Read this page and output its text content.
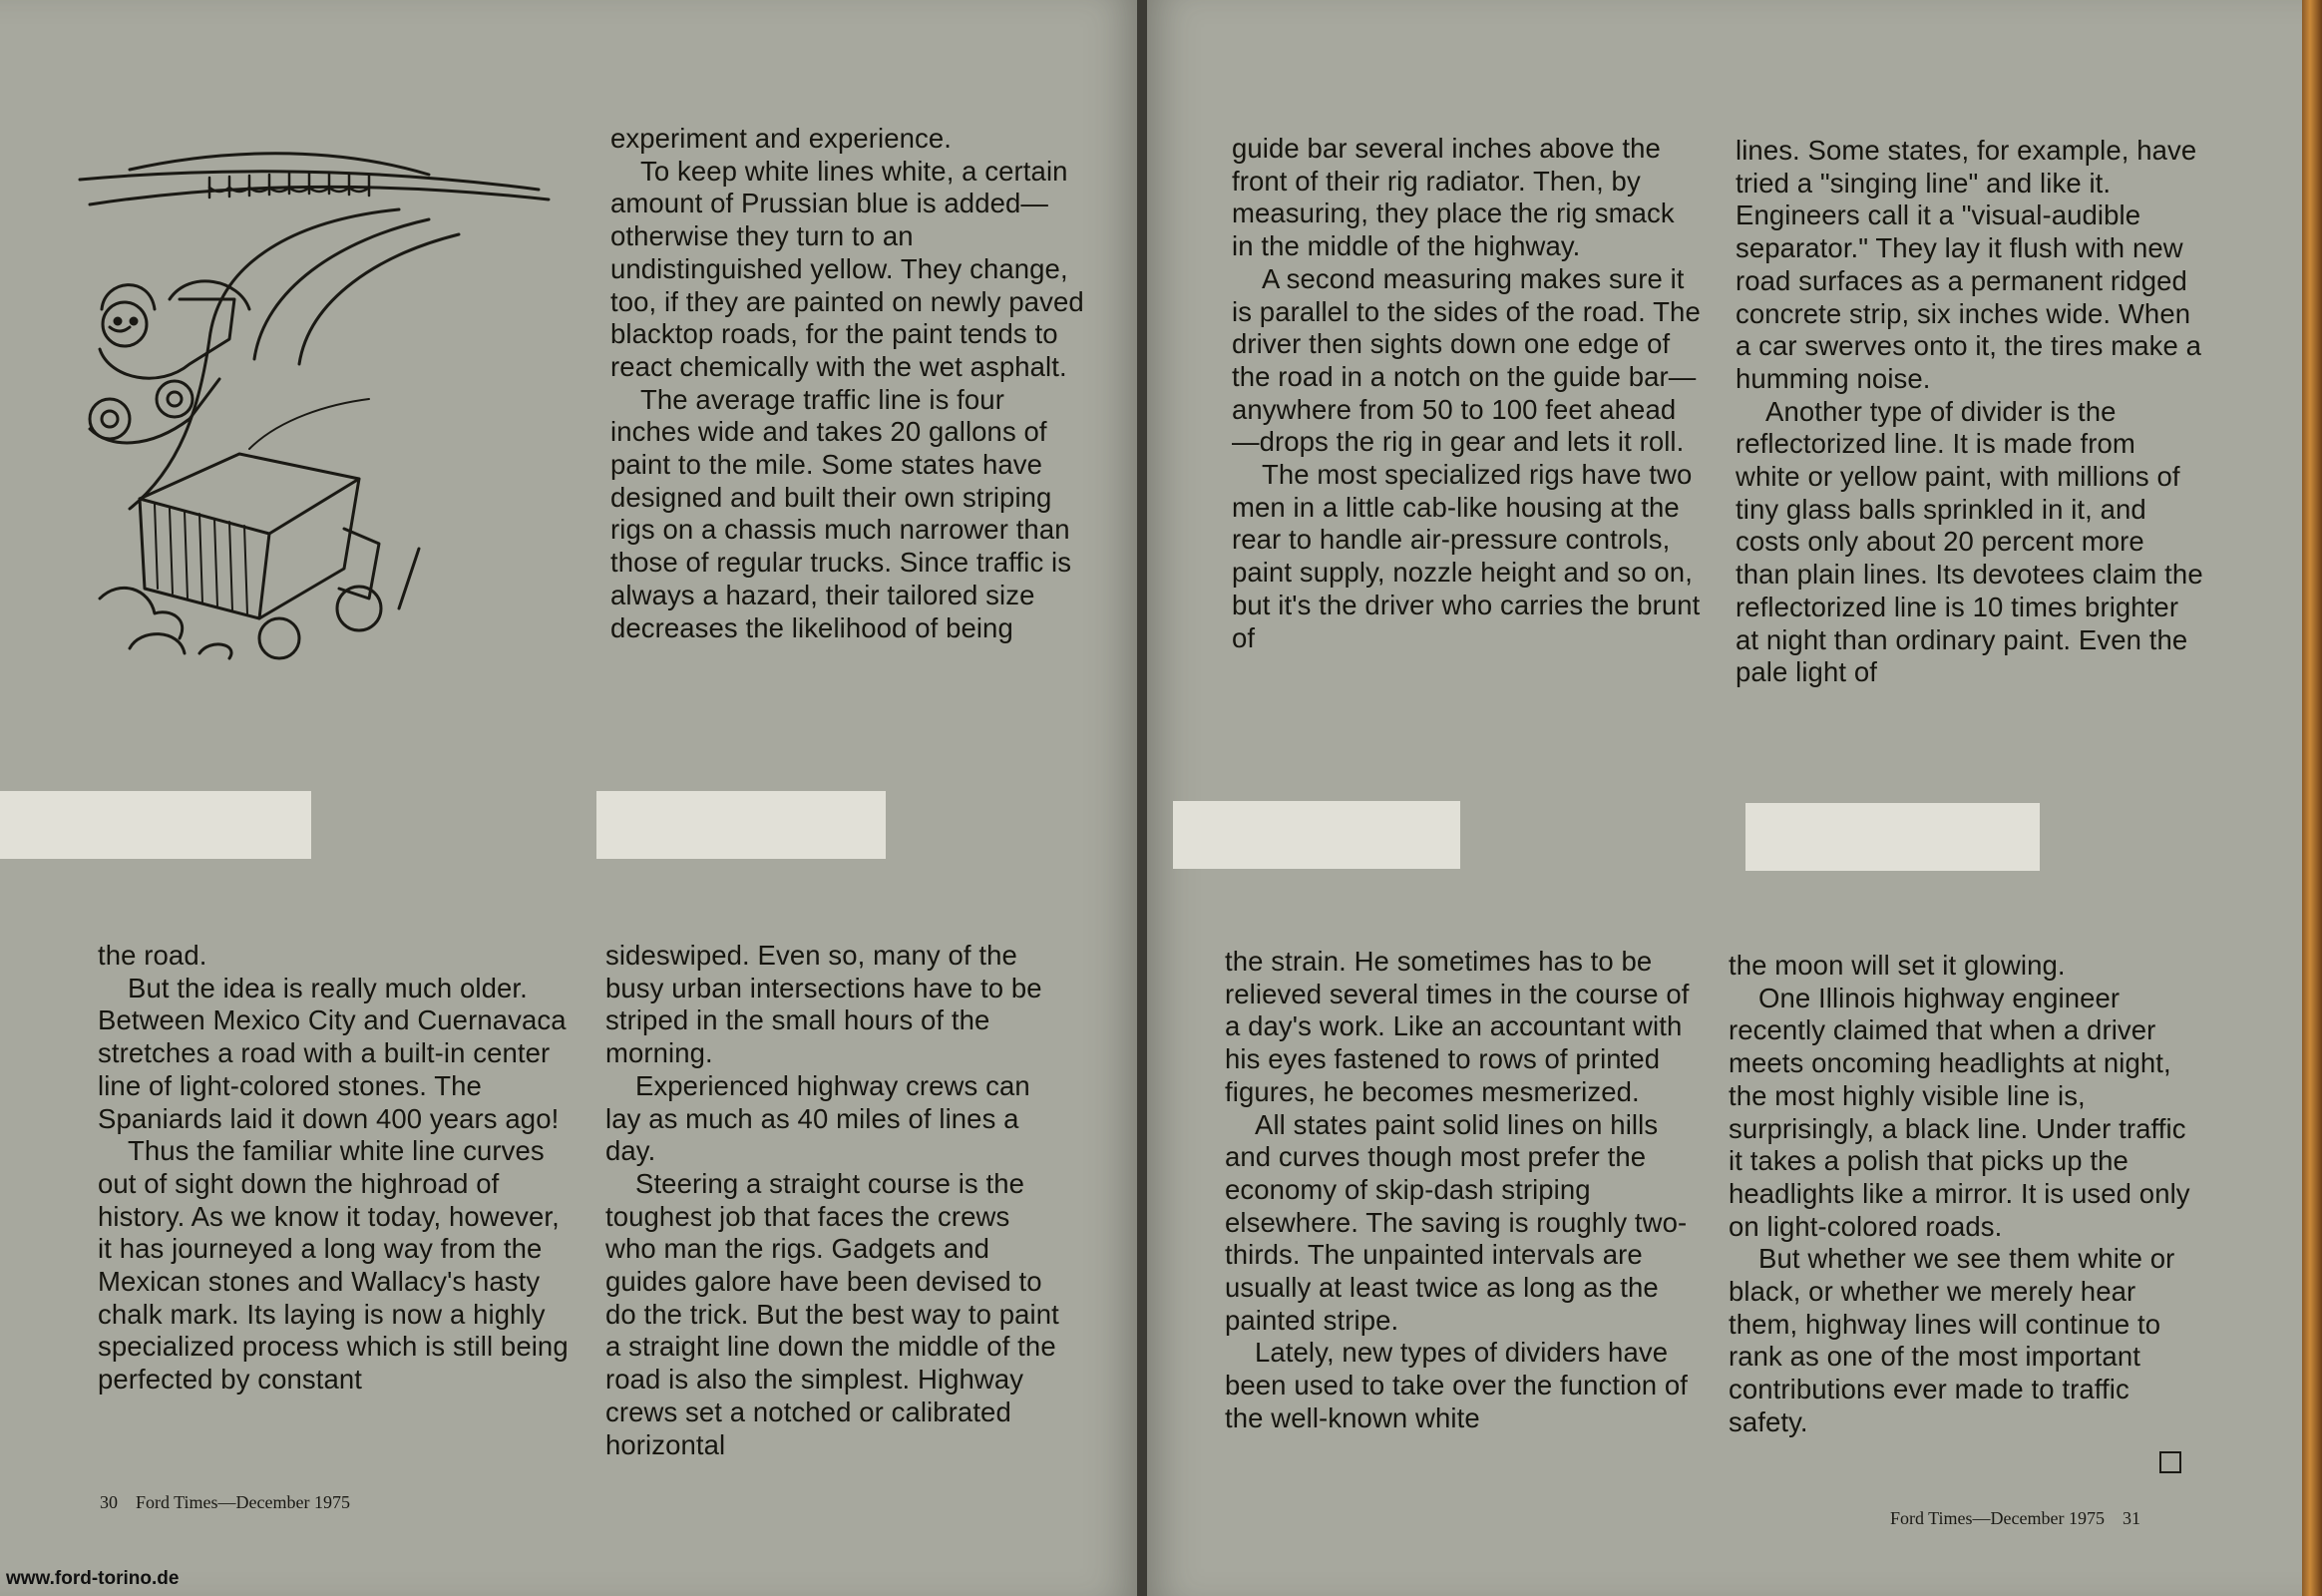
experiment and experience.

To keep white lines white, a certain amount of Prussian blue is added—otherwise they turn to an undistinguished yellow. They change, too, if they are painted on newly paved blacktop roads, for the paint tends to react chemically with the wet asphalt.

The average traffic line is four inches wide and takes 20 gallons of paint to the mile. Some states have designed and built their own striping rigs on a chassis much narrower than those of regular trucks. Since traffic is always a hazard, their tailored size decreases the likelihood of being

the road.

But the idea is really much older. Between Mexico City and Cuernavaca stretches a road with a built-in center line of light-colored stones. The Spaniards laid it down 400 years ago!

Thus the familiar white line curves out of sight down the highroad of history. As we know it today, however, it has journeyed a long way from the Mexican stones and Wallacy's hasty chalk mark. Its laying is now a highly specialized process which is still being perfected by constant

sideswiped. Even so, many of the busy urban intersections have to be striped in the small hours of the morning.

Experienced highway crews can lay as much as 40 miles of lines a day.

Steering a straight course is the toughest job that faces the crews who man the rigs. Gadgets and guides galore have been devised to do the trick. But the best way to paint a straight line down the middle of the road is also the simplest. Highway crews set a notched or calibrated horizontal

30    Ford Times—December 1975
www.ford-torino.de

guide bar several inches above the front of their rig radiator. Then, by measuring, they place the rig smack in the middle of the highway.

A second measuring makes sure it is parallel to the sides of the road. The driver then sights down one edge of the road in a notch on the guide bar—anywhere from 50 to 100 feet ahead—drops the rig in gear and lets it roll.

The most specialized rigs have two men in a little cab-like housing at the rear to handle air-pressure controls, paint supply, nozzle height and so on, but it's the driver who carries the brunt of

lines. Some states, for example, have tried a "singing line" and like it. Engineers call it a "visual-audible separator." They lay it flush with new road surfaces as a permanent ridged concrete strip, six inches wide. When a car swerves onto it, the tires make a humming noise.

Another type of divider is the reflectorized line. It is made from white or yellow paint, with millions of tiny glass balls sprinkled in it, and costs only about 20 percent more than plain lines. Its devotees claim the reflectorized line is 10 times brighter at night than ordinary paint. Even the pale light of

the strain. He sometimes has to be relieved several times in the course of a day's work. Like an accountant with his eyes fastened to rows of printed figures, he becomes mesmerized.

All states paint solid lines on hills and curves though most prefer the economy of skip-dash striping elsewhere. The saving is roughly two-thirds. The unpainted intervals are usually at least twice as long as the painted stripe.

Lately, new types of dividers have been used to take over the function of the well-known white

the moon will set it glowing.

One Illinois highway engineer recently claimed that when a driver meets oncoming headlights at night, the most highly visible line is, surprisingly, a black line. Under traffic it takes a polish that picks up the headlights like a mirror. It is used only on light-colored roads.

But whether we see them white or black, or whether we merely hear them, highway lines will continue to rank as one of the most important contributions ever made to traffic safety.

Ford Times—December 1975    31
